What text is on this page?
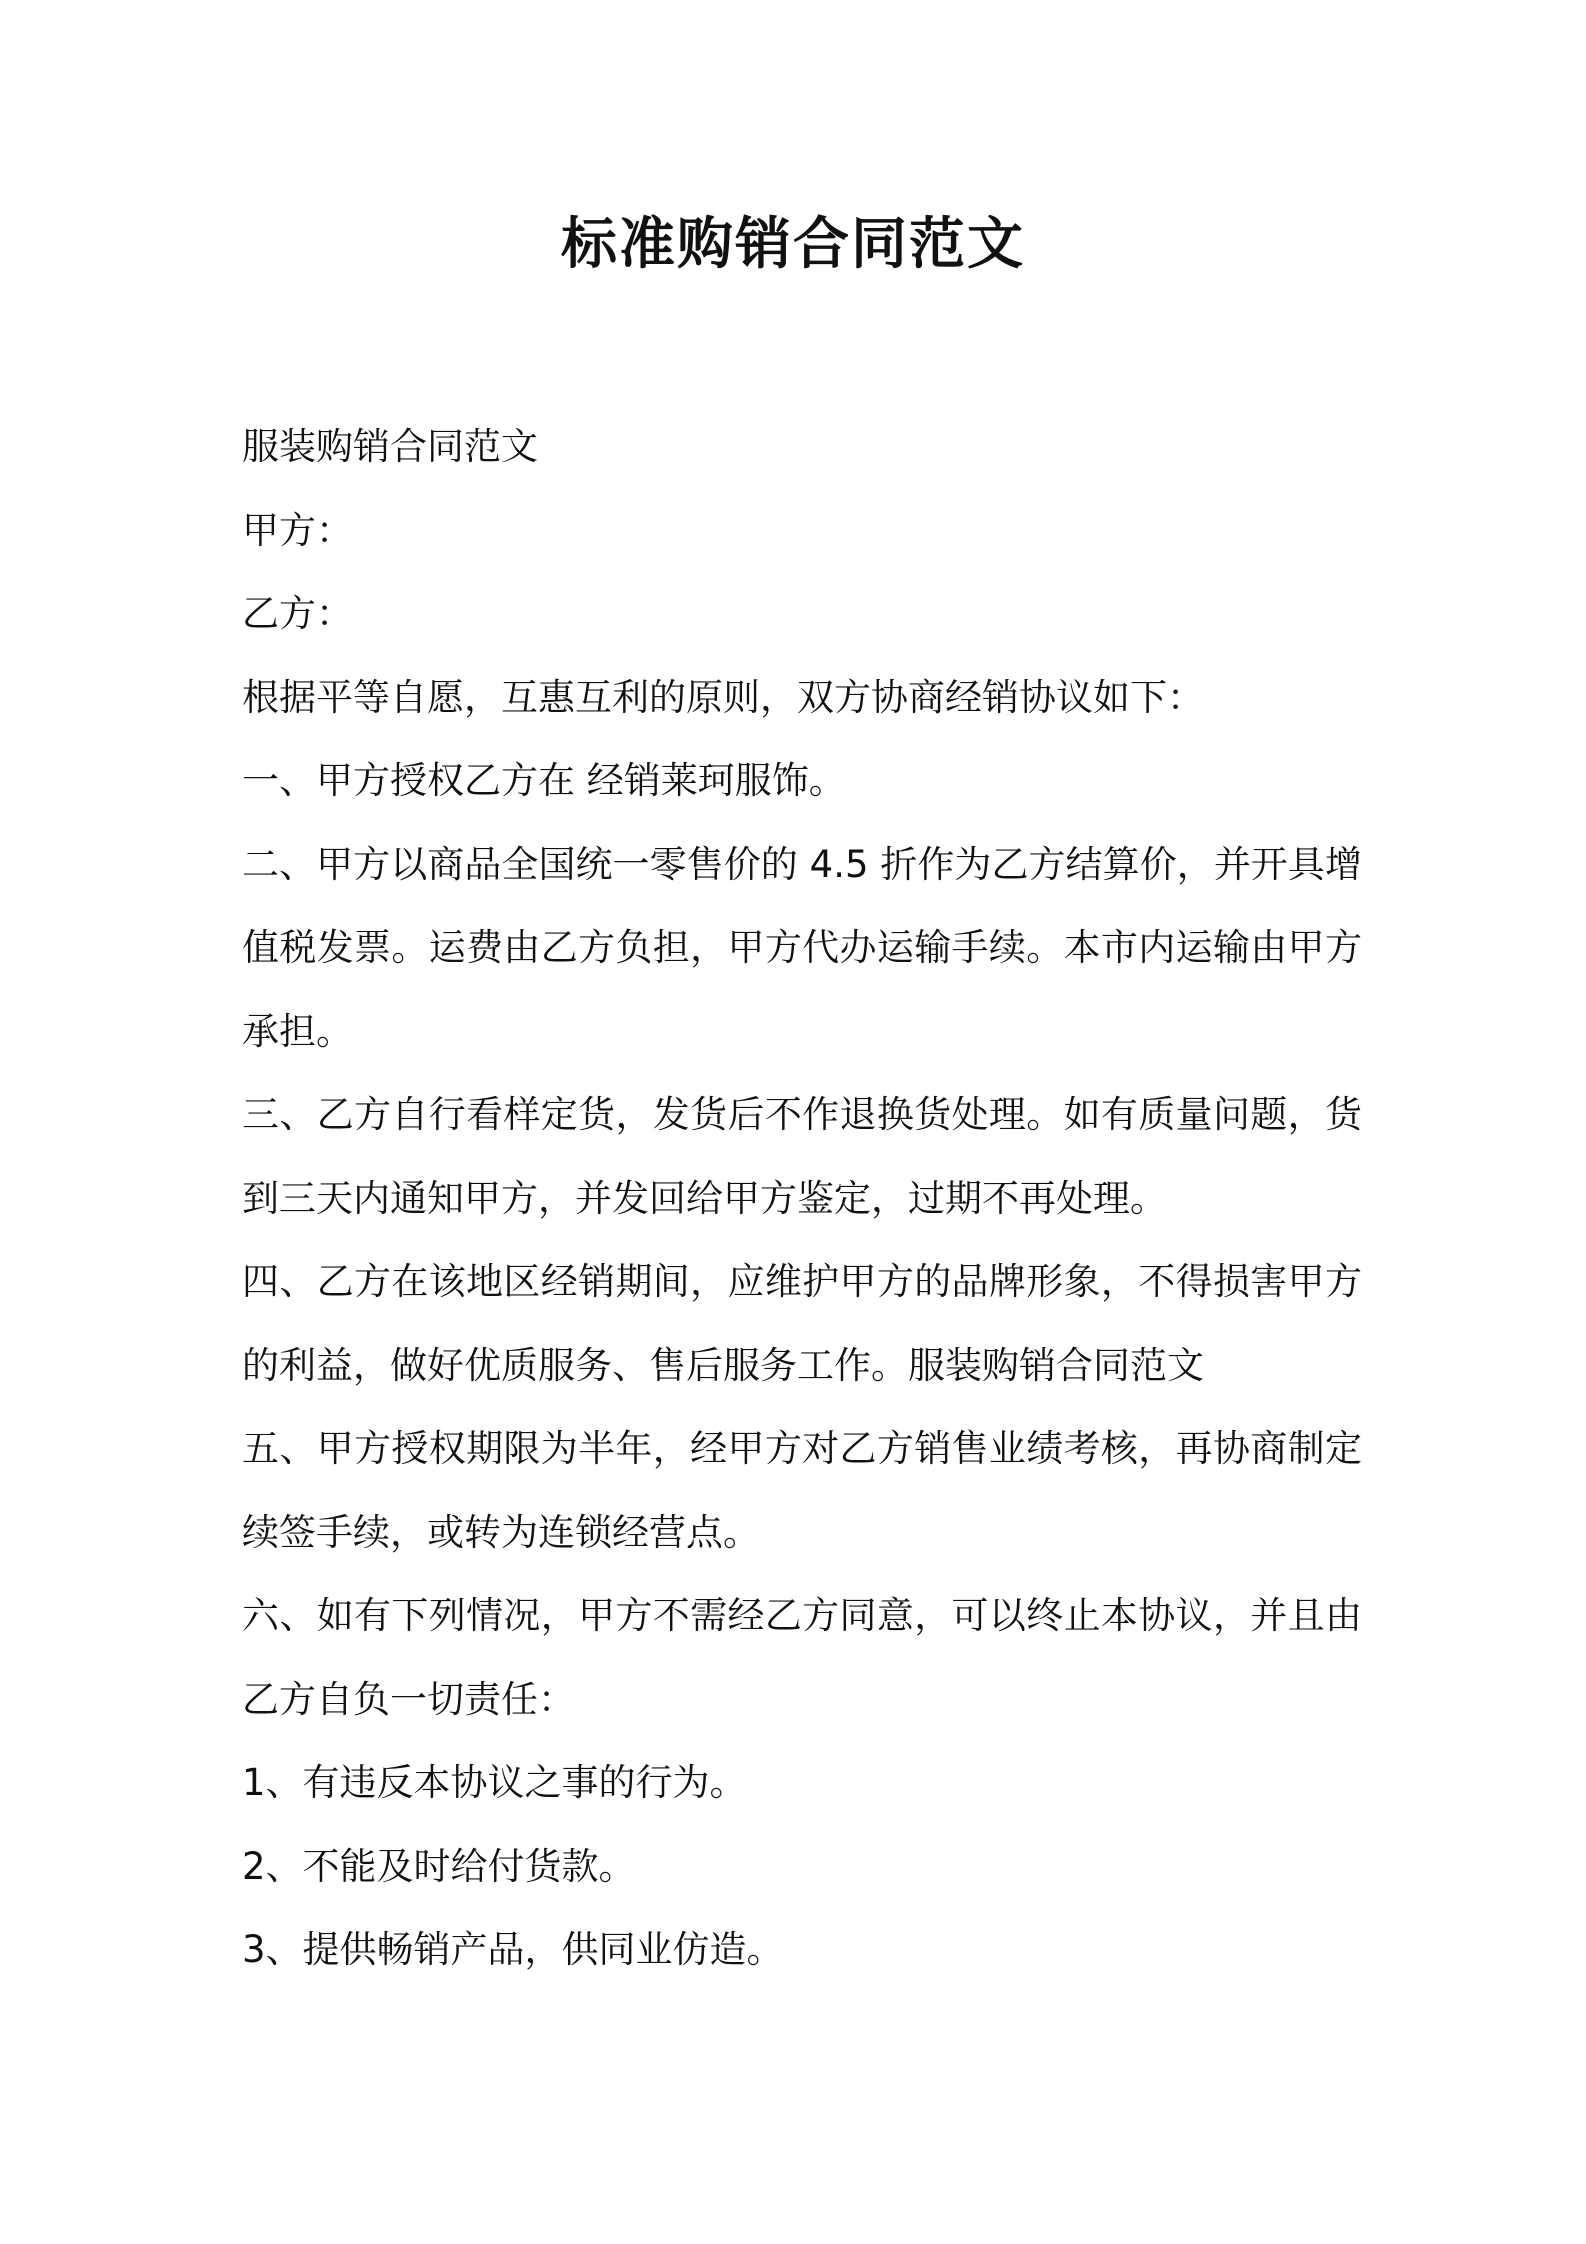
标准购销合同范文

服装购销合同范文

甲方：

乙方：

根据平等自愿，互惠互利的原则，双方协商经销协议如下：

一、甲方授权乙方在 经销莱珂服饰。

二、甲方以商品全国统一零售价的 4.5 折作为乙方结算价，并开具增值税发票。运费由乙方负担，甲方代办运输手续。本市内运输由甲方承担。

三、乙方自行看样定货，发货后不作退换货处理。如有质量问题，货到三天内通知甲方，并发回给甲方鉴定，过期不再处理。

四、乙方在该地区经销期间，应维护甲方的品牌形象，不得损害甲方的利益，做好优质服务、售后服务工作。服装购销合同范文

五、甲方授权期限为半年，经甲方对乙方销售业绩考核，再协商制定续签手续，或转为连锁经营点。

六、如有下列情况，甲方不需经乙方同意，可以终止本协议，并且由乙方自负一切责任：

1、有违反本协议之事的行为。

2、不能及时给付货款。

3、提供畅销产品，供同业仿造。
